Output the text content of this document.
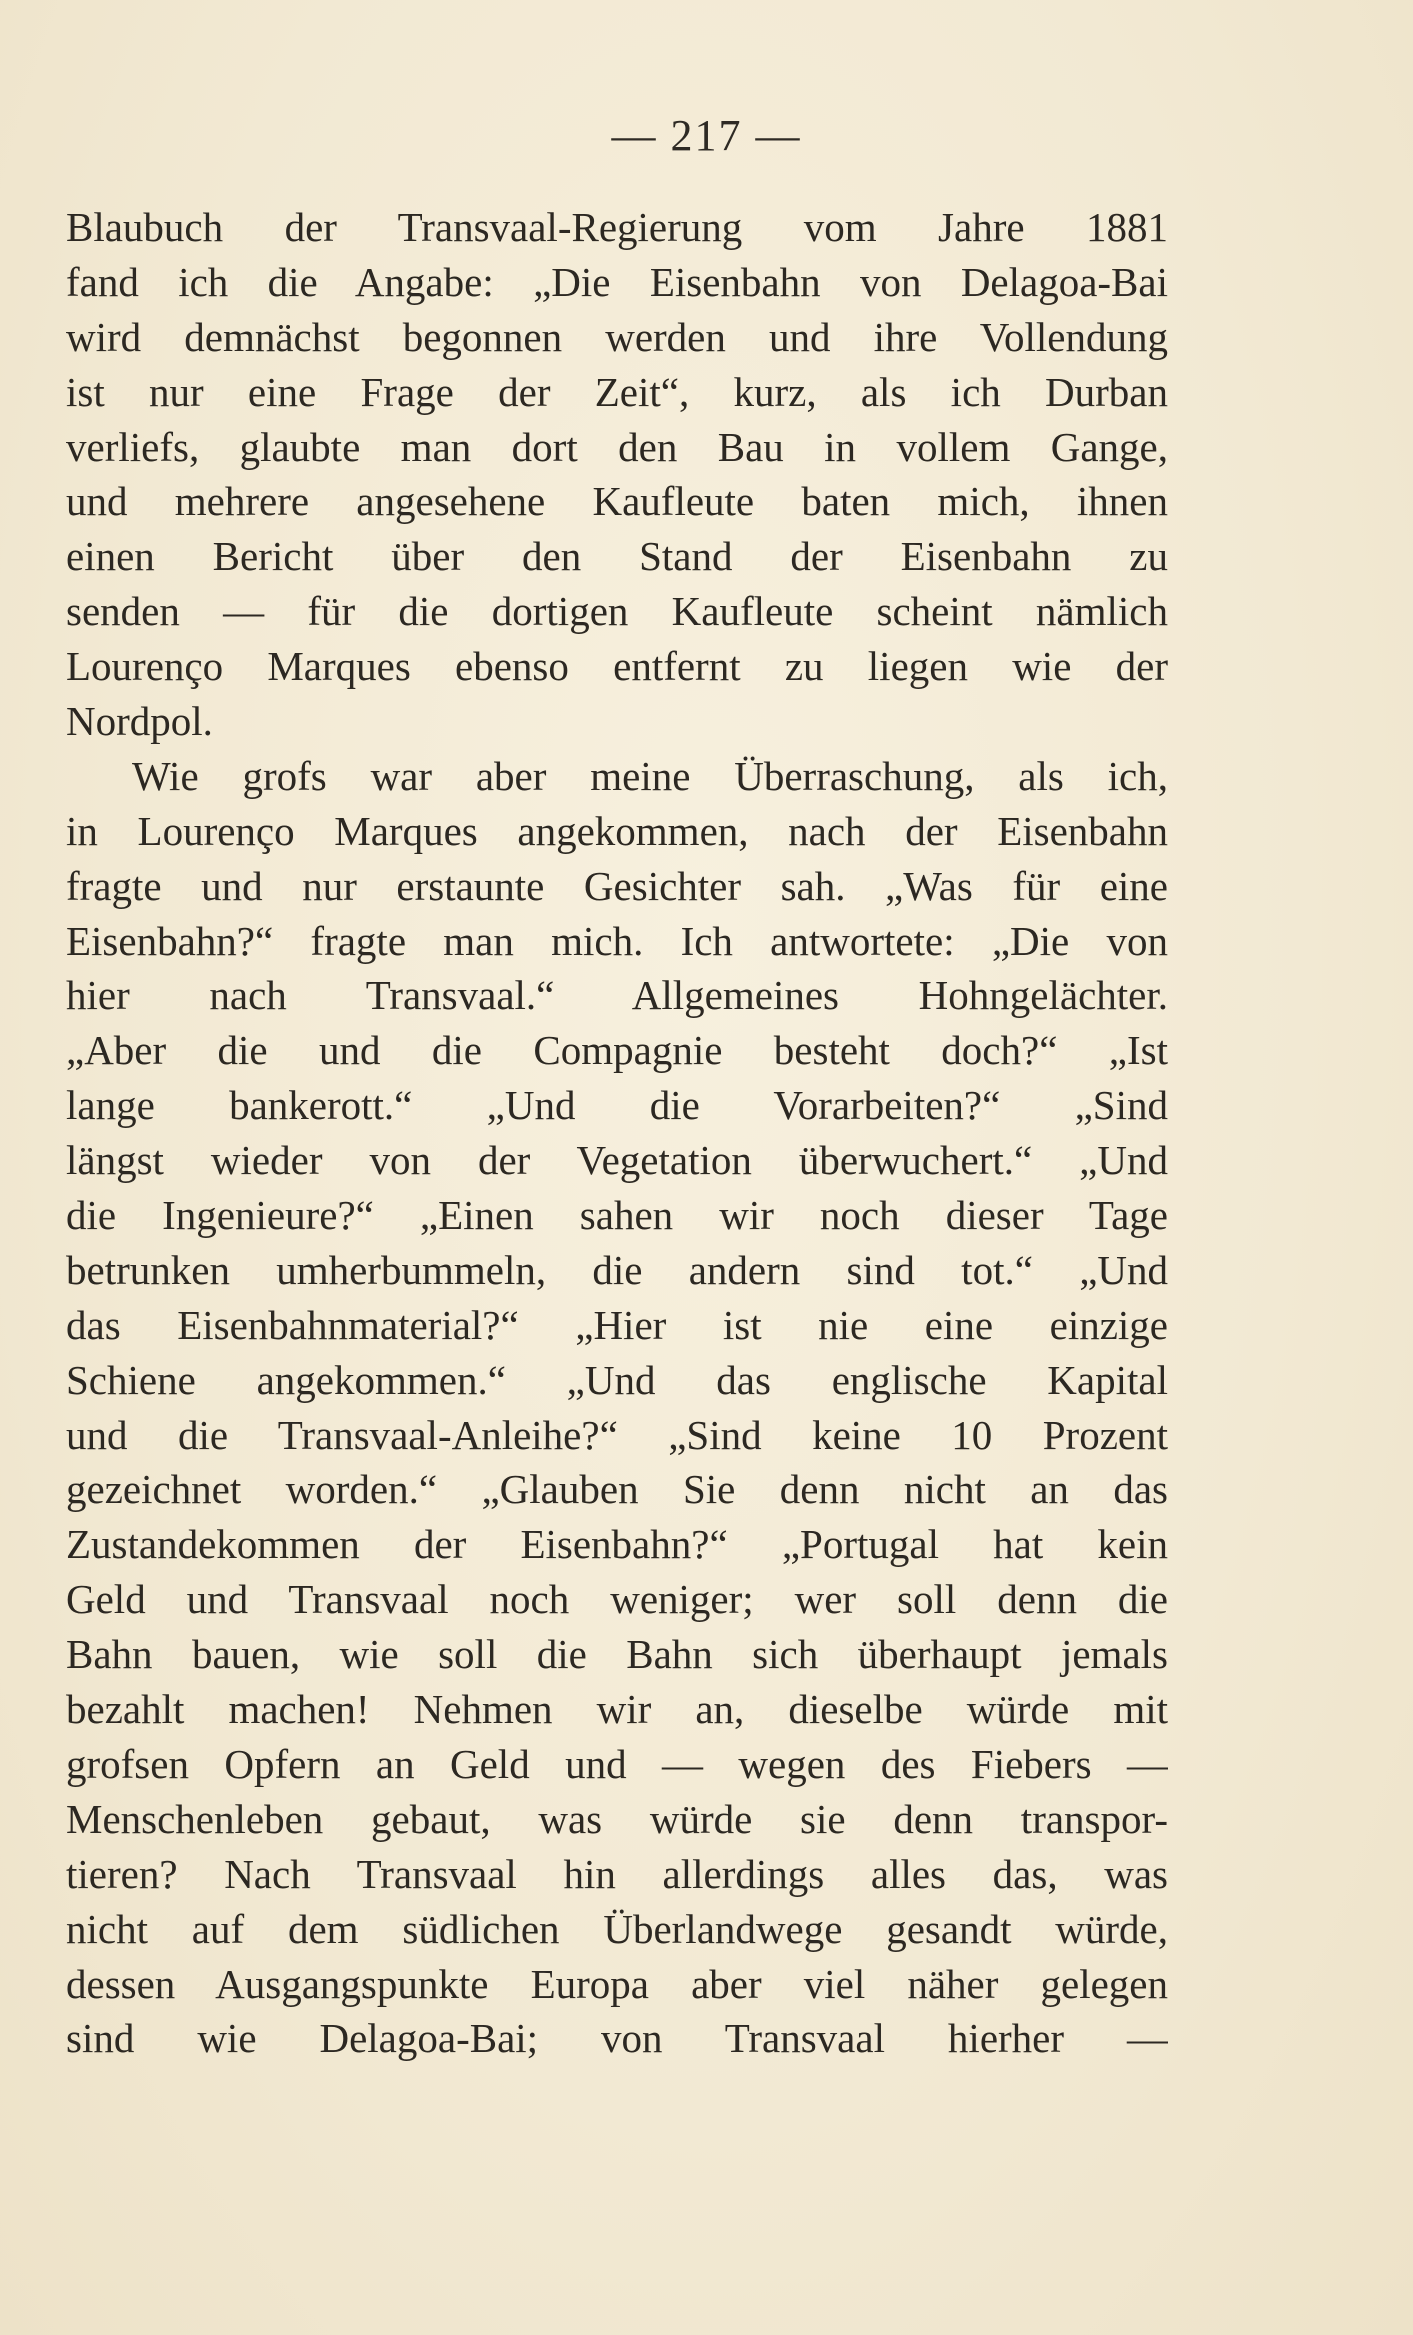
— 217 —
Blaubuch der Transvaal-Regierung vom Jahre 1881
fand ich die Angabe: „Die Eisenbahn von Delagoa-Bai
wird demnächst begonnen werden und ihre Vollendung
ist nur eine Frage der Zeit“, kurz, als ich Durban
verliefs, glaubte man dort den Bau in vollem Gange,
und mehrere angesehene Kaufleute baten mich, ihnen
einen Bericht über den Stand der Eisenbahn zu
senden — für die dortigen Kaufleute scheint nämlich
Lourenço Marques ebenso entfernt zu liegen wie der
Nordpol.
Wie grofs war aber meine Überraschung, als ich,
in Lourenço Marques angekommen, nach der Eisenbahn
fragte und nur erstaunte Gesichter sah. „Was für eine
Eisenbahn?“ fragte man mich. Ich antwortete: „Die von
hier nach Transvaal.“ Allgemeines Hohngelächter.
„Aber die und die Compagnie besteht doch?“ „Ist
lange bankerott.“ „Und die Vorarbeiten?“ „Sind
längst wieder von der Vegetation überwuchert.“ „Und
die Ingenieure?“ „Einen sahen wir noch dieser Tage
betrunken umherbummeln, die andern sind tot.“ „Und
das Eisenbahnmaterial?“ „Hier ist nie eine einzige
Schiene angekommen.“ „Und das englische Kapital
und die Transvaal-Anleihe?“ „Sind keine 10 Prozent
gezeichnet worden.“ „Glauben Sie denn nicht an das
Zustandekommen der Eisenbahn?“ „Portugal hat kein
Geld und Transvaal noch weniger; wer soll denn die
Bahn bauen, wie soll die Bahn sich überhaupt jemals
bezahlt machen! Nehmen wir an, dieselbe würde mit
grofsen Opfern an Geld und — wegen des Fiebers —
Menschenleben gebaut, was würde sie denn transpor-
tieren? Nach Transvaal hin allerdings alles das, was
nicht auf dem südlichen Überlandwege gesandt würde,
dessen Ausgangspunkte Europa aber viel näher gelegen
sind wie Delagoa-Bai; von Transvaal hierher —
